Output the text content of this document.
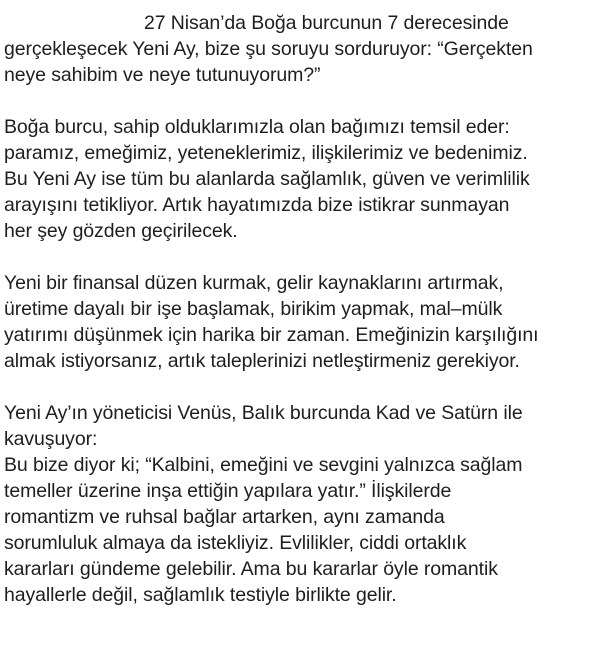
27 Nisan’da Boğa burcunun 7 derecesinde
gerçekleşecek Yeni Ay, bize şu soruyu sorduruyor: “Gerçekten
neye sahibim ve neye tutunuyorum?”
Boğa burcu, sahip olduklarımızla olan bağımızı temsil eder:
paramız, emeğimiz, yeteneklerimiz, ilişkilerimiz ve bedenimiz.
Bu Yeni Ay ise tüm bu alanlarda sağlamlık, güven ve verimlilik
arayışını tetikliyor. Artık hayatımızda bize istikrar sunmayan
her şey gözden geçirilecek.
Yeni bir finansal düzen kurmak, gelir kaynaklarını artırmak,
üretime dayalı bir işe başlamak, birikim yapmak, mal–mülk
yatırımı düşünmek için harika bir zaman. Emeğinizin karşılığını
almak istiyorsanız, artık taleplerinizi netleştirmeniz gerekiyor.
Yeni Ay’ın yöneticisi Venüs, Balık burcunda Kad ve Satürn ile
kavuşuyor:
Bu bize diyor ki; “Kalbini, emeğini ve sevgini yalnızca sağlam
temeller üzerine inşa ettiğin yapılara yatır.” İlişkilerde
romantizm ve ruhsal bağlar artarken, aynı zamanda
sorumluluk almaya da istekliyiz. Evlilikler, ciddi ortaklık
kararları gündeme gelebilir. Ama bu kararlar öyle romantik
hayallerle değil, sağlamlık testiyle birlikte gelir.
